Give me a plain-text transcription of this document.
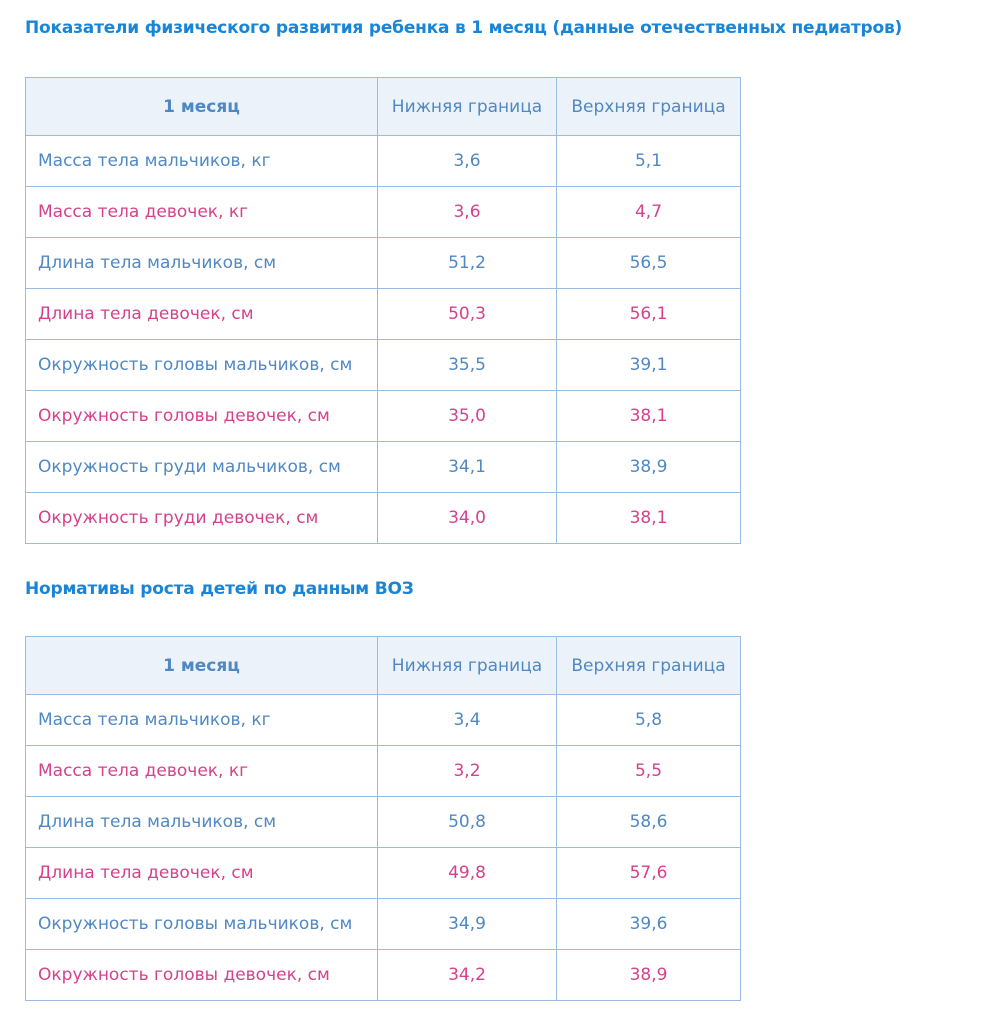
Показатели физического развития ребенка в 1 месяц (данные отечественных педиатров)
1 месяц	Нижняя граница	Верхняя граница
Масса тела мальчиков, кг	3,6	5,1
Масса тела девочек, кг	3,6	4,7
Длина тела мальчиков, см	51,2	56,5
Длина тела девочек, см	50,3	56,1
Окружность головы мальчиков, см	35,5	39,1
Окружность головы девочек, см	35,0	38,1
Окружность груди мальчиков, см	34,1	38,9
Окружность груди девочек, см	34,0	38,1
Нормативы роста детей по данным ВОЗ
1 месяц	Нижняя граница	Верхняя граница
Масса тела мальчиков, кг	3,4	5,8
Масса тела девочек, кг	3,2	5,5
Длина тела мальчиков, см	50,8	58,6
Длина тела девочек, см	49,8	57,6
Окружность головы мальчиков, см	34,9	39,6
Окружность головы девочек, см	34,2	38,9
